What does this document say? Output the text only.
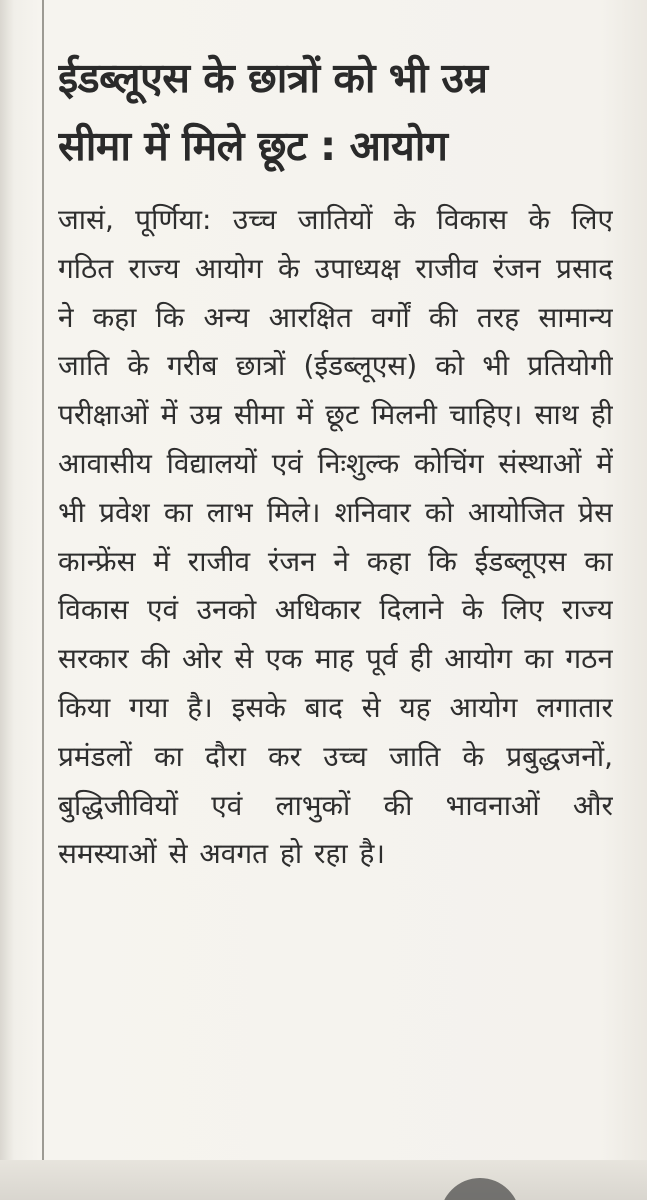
ईडब्लूएस के छात्रों को भी उम्र
सीमा में मिले छूट : आयोग

जासं, पूर्णिया: उच्च जातियों के विकास के लिए गठित राज्य आयोग के उपाध्यक्ष राजीव रंजन प्रसाद ने कहा कि अन्य आरक्षित वर्गों की तरह सामान्य जाति के गरीब छात्रों (ईडब्लूएस) को भी प्रतियोगी परीक्षाओं में उम्र सीमा में छूट मिलनी चाहिए। साथ ही आवासीय विद्यालयों एवं निःशुल्क कोचिंग संस्थाओं में भी प्रवेश का लाभ मिले। शनिवार को आयोजित प्रेस कान्फ्रेंस में राजीव रंजन ने कहा कि ईडब्लूएस का विकास एवं उनको अधिकार दिलाने के लिए राज्य सरकार की ओर से एक माह पूर्व ही आयोग का गठन किया गया है। इसके बाद से यह आयोग लगातार प्रमंडलों का दौरा कर उच्च जाति के प्रबुद्धजनों, बुद्धिजीवियों एवं लाभुकों की भावनाओं और समस्याओं से अवगत हो रहा है।
